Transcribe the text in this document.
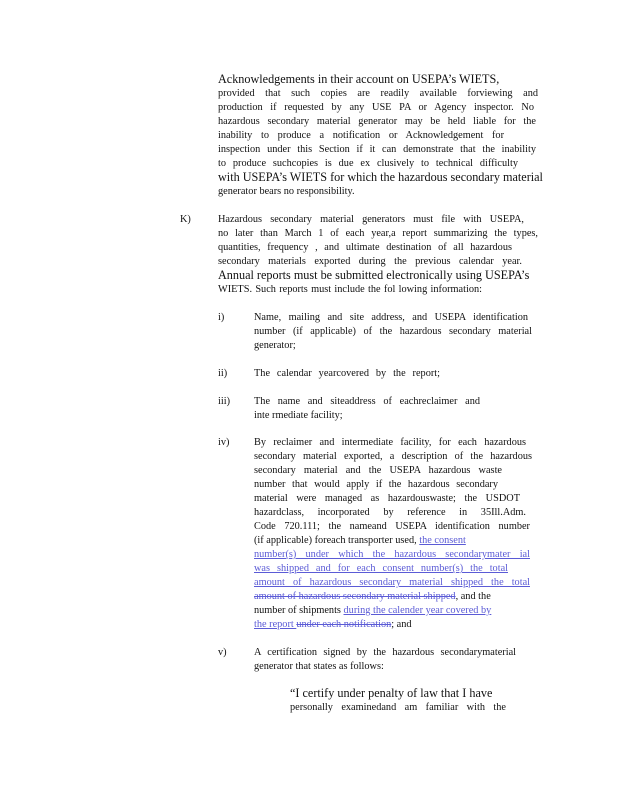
Acknowledgements in their account on USEPA’s WIETS,
provided that such copies are readily available forviewing and
production if requested by any USE PA or Agency inspector. No
hazardous secondary material generator may be held liable for the
inability to produce a notification or Acknowledgement for
inspection under this Section if it can demonstrate that the inability
to produce suchcopies is due ex clusively to technical difficulty
with USEPA’s WIETS for which the hazardous secondary material
generator bears no responsibility.
K)	Hazardous secondary material generators must file with USEPA,
no later than March 1 of each year,a report summarizing the types,
quantities, frequency , and ultimate destination of all hazardous
secondary materials exported during the previous calendar year.
Annual reports must be submitted electronically using USEPA’s
WIETS. Such reports must include the fol lowing information:
i)	Name, mailing and site address, and USEPA identification
number (if applicable) of the hazardous secondary material
generator;
ii)	The calendar yearcovered by the report;
iii) The name and siteaddress of eachreclaimer and
inte rmediate facility;
iv) By reclaimer and intermediate facility, for each hazardous
secondary material exported, a description of the hazardous
secondary material and the USEPA hazardous waste
number that would apply if the hazardous secondary
material were managed as hazardouswaste; the USDOT
hazardclass, incorporated by reference in 35Ill.Adm.
Code 720.111; the nameand USEPA identification number
(if applicable) foreach transporter used, the consent
number(s) under which the hazardous secondarymater ial
was shipped and for each consent number(s) the total
amount of hazardous secondary material shipped the total
amount of hazardous secondary material shipped, and the
number of shipments during the calender year covered by
the report under each notification; and
v)	A certification signed by the hazardous secondarymaterial
generator that states as follows:
“I certify under penalty of law that I have
personally examinedand am familiar with the
